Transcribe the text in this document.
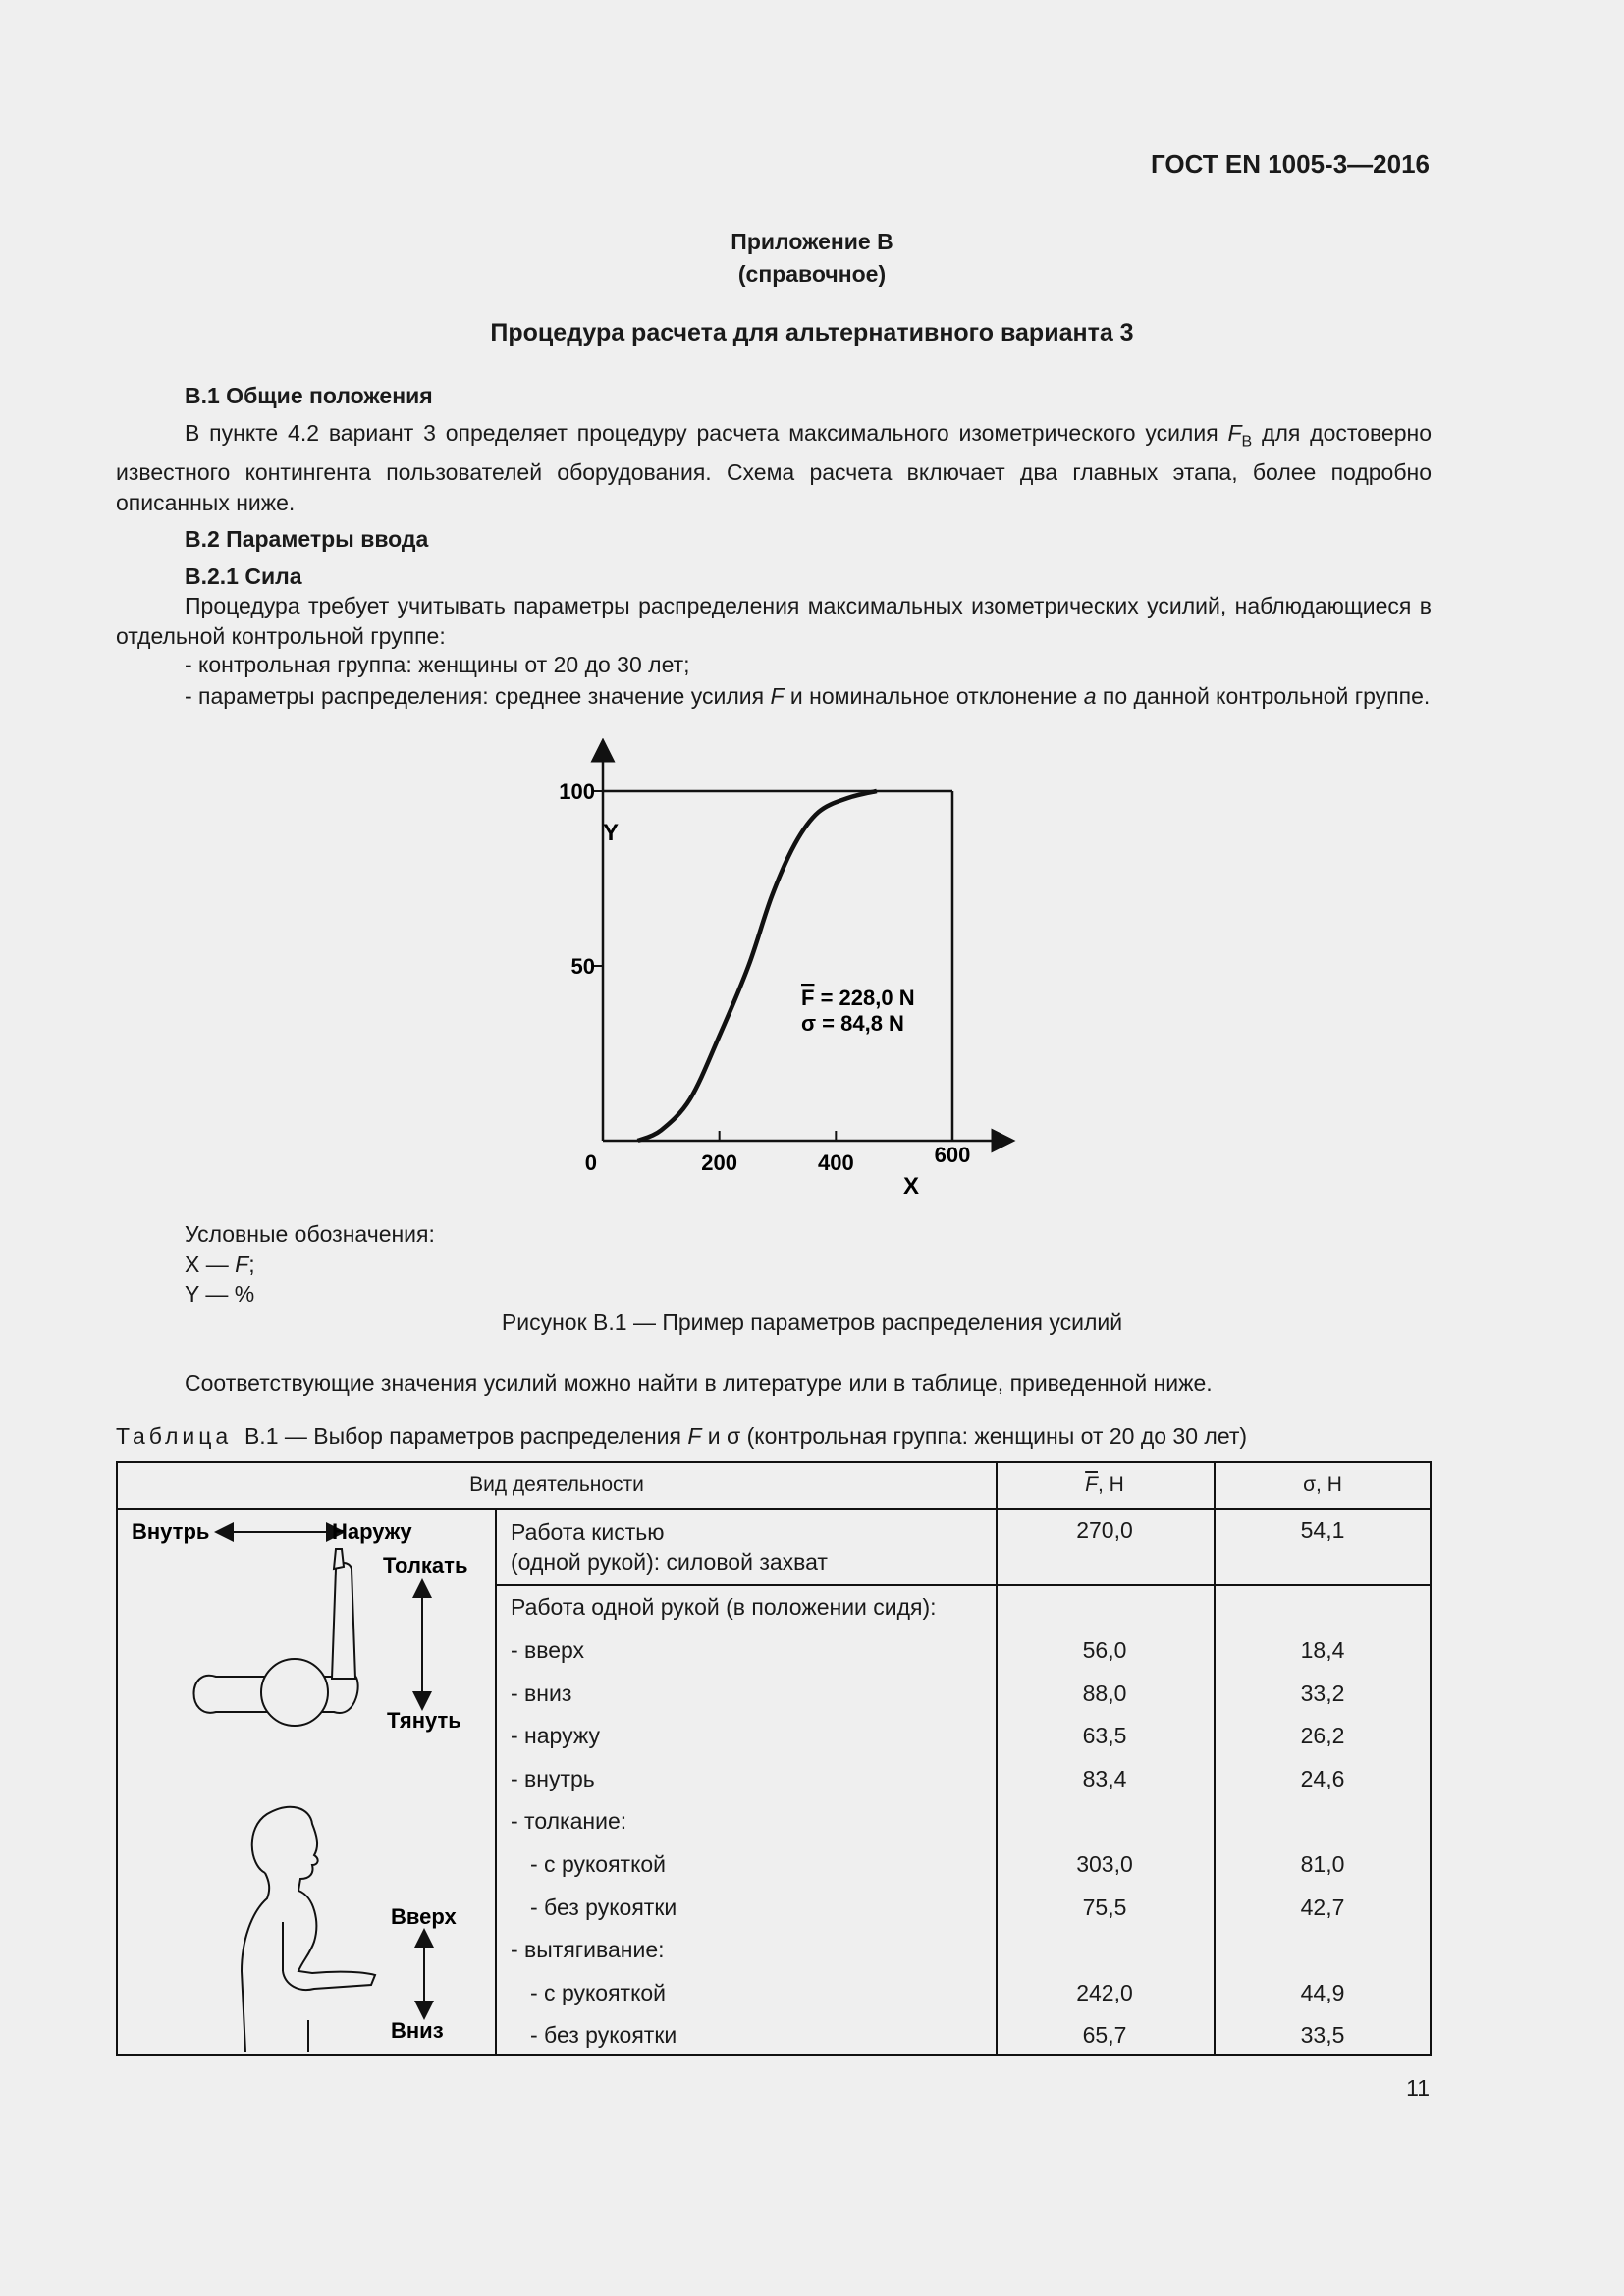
ГОСТ EN 1005-3—2016
Приложение В
(справочное)
Процедура расчета для альтернативного варианта 3
В.1 Общие положения

В пункте 4.2 вариант 3 определяет процедуру расчета максимального изометрического усилия $F_B$ для достоверно известного контингента пользователей оборудования. Схема расчета включает два главных этапа, более подробно описанных ниже.

В.2 Параметры ввода
В.2.1 Сила

Процедура требует учитывать параметры распределения максимальных изометрических усилий, наблюдающиеся в отдельной контрольной группе:

- контрольная группа: женщины от 20 до 30 лет;

- параметры распределения: среднее значение усилия F и номинальное отклонение a по данной контрольной группе.

0	200	400	600
50
100
Y
X
F = 228,0 N
σ = 84,8 N
Условные обозначения:
X — F;
Y — %
Рисунок В.1 — Пример параметров распределения усилий

Соответствующие значения усилий можно найти в литературе или в таблице, приведенной ниже.

Таблица В.1 — Выбор параметров распределения F и σ (контрольная группа: женщины от 20 до 30 лет)
Вид деятельности	$\overline{F}$, Н	σ, Н
Внутрь	Наружу
Толкать
Тянуть
Вверх
Вниз
Работа кистью
(одной рукой): силовой захват
270,0	54,1
Работа одной рукой (в положении сидя):
- вверх	56,0	18,4
- вниз	88,0	33,2
- наружу	63,5	26,2
- внутрь	83,4	24,6
- толкание:
- с рукояткой	303,0	81,0
- без рукоятки	75,5	42,7
- вытягивание:
- с рукояткой	242,0	44,9
- без рукоятки	65,7	33,5
11
